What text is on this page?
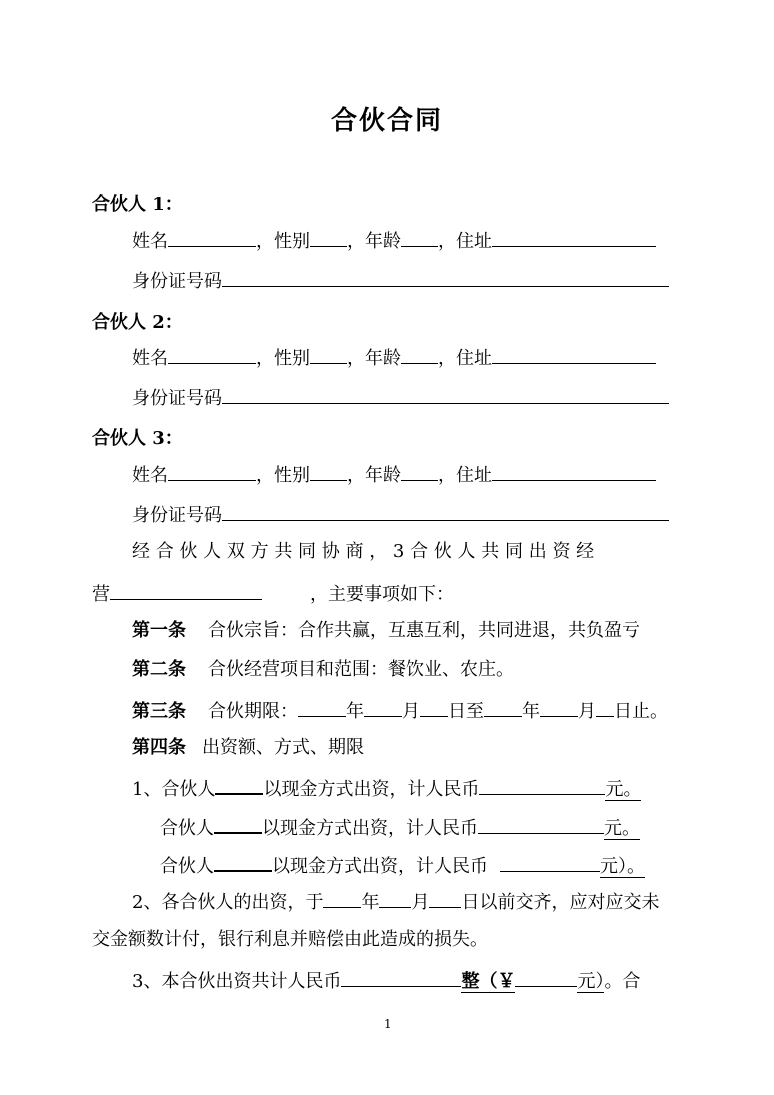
合伙合同
合伙人 1：
姓名	，性别 ，年龄 ，住址
身份证号码
合伙人 2：
姓名	，性别 ，年龄 ，住址
身份证号码
合伙人 3：
姓名	，性别 ，年龄 ，住址
身份证号码
经 合 伙 人 双 方 共 同 协 商 ， 3 合 伙 人 共 同 出 资 经
营	，主要事项如下：
第一条 合伙宗旨：合作共赢，互惠互利，共同进退，共负盈亏
第二条 合伙经营项目和范围：餐饮业、农庄。
第三条 合伙期限：	年 月 日至 年 月 日止。
第四条 出资额、方式、期限
1、合伙人	以现金方式出资，计人民币	元。
合伙人	以现金方式出资，计人民币	元。
合伙人	以现金方式出资，计人民币	元）。
2、各合伙人的出资，于 年 月 日以前交齐，应对应交未
交金额数计付，银行利息并赔偿由此造成的损失。
3、本合伙出资共计人民币	整（￥	元）。合
1
